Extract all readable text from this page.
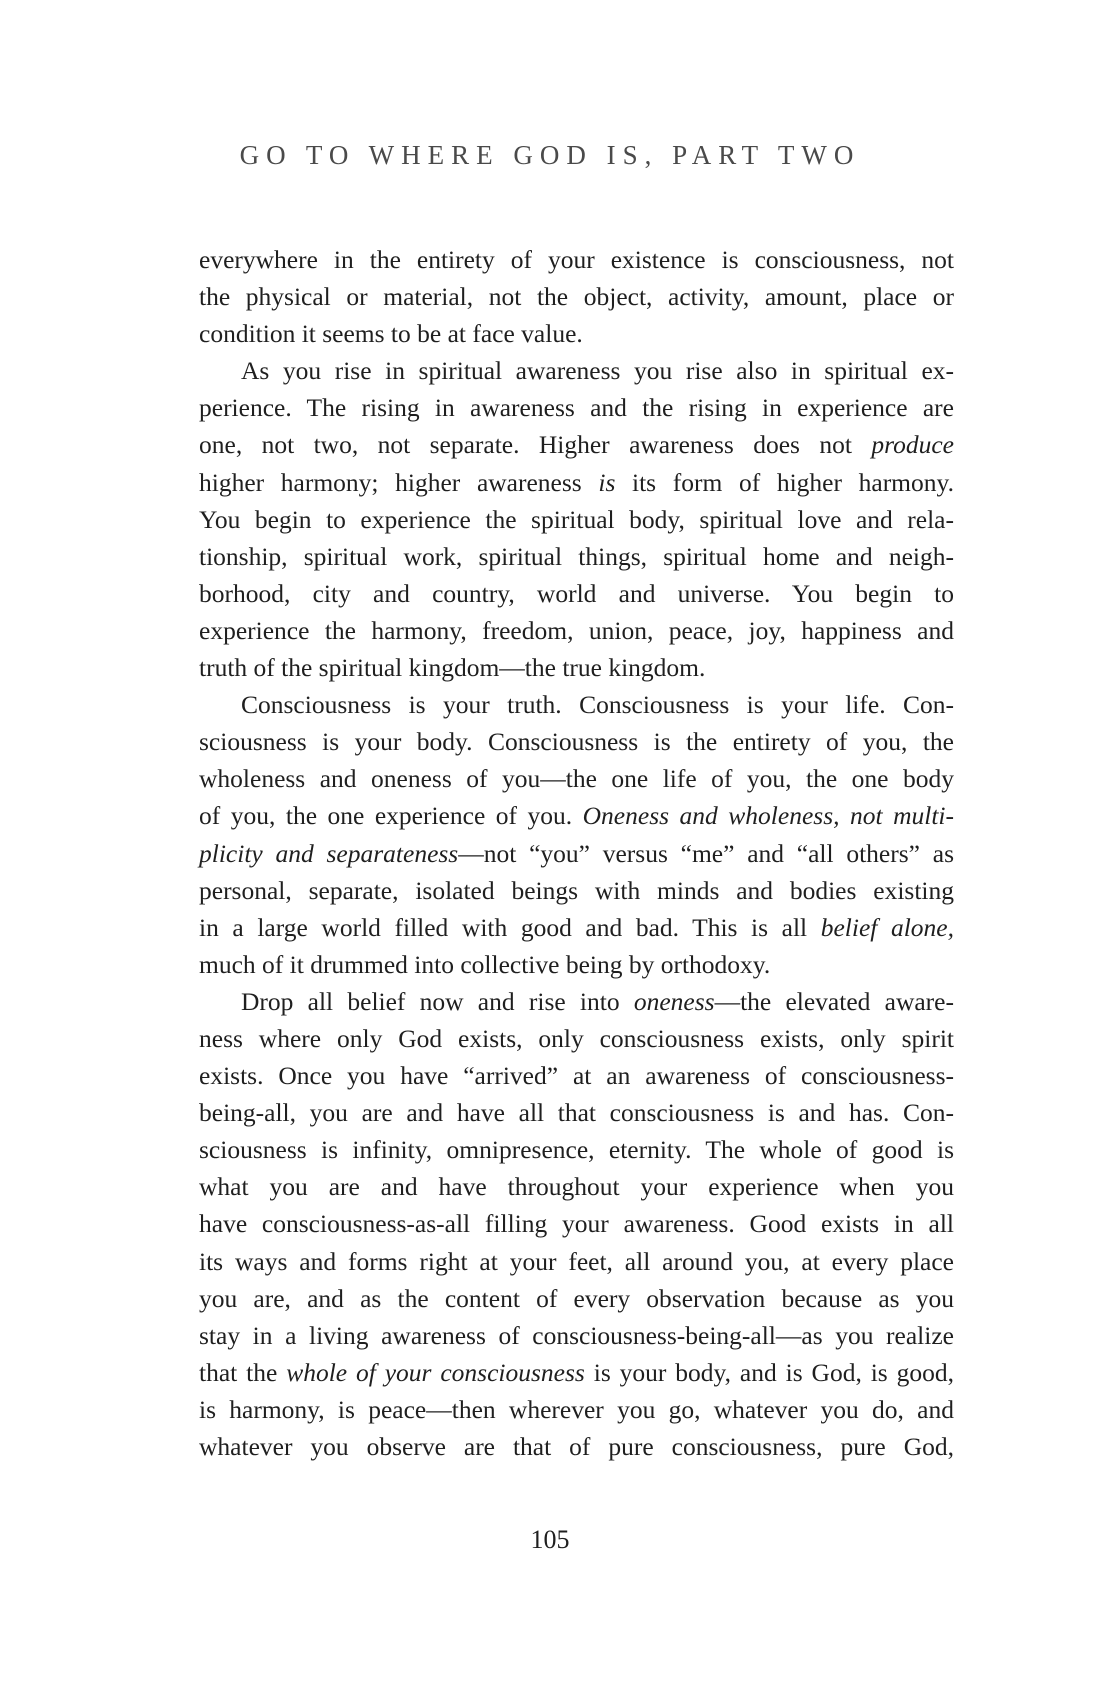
GO TO WHERE GOD IS, PART TWO
everywhere in the entirety of your existence is consciousness, not
the physical or material, not the object, activity, amount, place or
condition it seems to be at face value.
As you rise in spiritual awareness you rise also in spiritual ex-
perience. The rising in awareness and the rising in experience are
one, not two, not separate. Higher awareness does not produce
higher harmony; higher awareness is its form of higher harmony.
You begin to experience the spiritual body, spiritual love and rela-
tionship, spiritual work, spiritual things, spiritual home and neigh-
borhood, city and country, world and universe. You begin to
experience the harmony, freedom, union, peace, joy, happiness and
truth of the spiritual kingdom—the true kingdom.
Consciousness is your truth. Consciousness is your life. Con-
sciousness is your body. Consciousness is the entirety of you, the
wholeness and oneness of you—the one life of you, the one body
of you, the one experience of you. Oneness and wholeness, not multi-
plicity and separateness—not “you” versus “me” and “all others” as
personal, separate, isolated beings with minds and bodies existing
in a large world filled with good and bad. This is all belief alone,
much of it drummed into collective being by orthodoxy.
Drop all belief now and rise into oneness—the elevated aware-
ness where only God exists, only consciousness exists, only spirit
exists. Once you have “arrived” at an awareness of consciousness-
being-all, you are and have all that consciousness is and has. Con-
sciousness is infinity, omnipresence, eternity. The whole of good is
what you are and have throughout your experience when you
have consciousness-as-all filling your awareness. Good exists in all
its ways and forms right at your feet, all around you, at every place
you are, and as the content of every observation because as you
stay in a living awareness of consciousness-being-all—as you realize
that the whole of your consciousness is your body, and is God, is good,
is harmony, is peace—then wherever you go, whatever you do, and
whatever you observe are that of pure consciousness, pure God,
105
